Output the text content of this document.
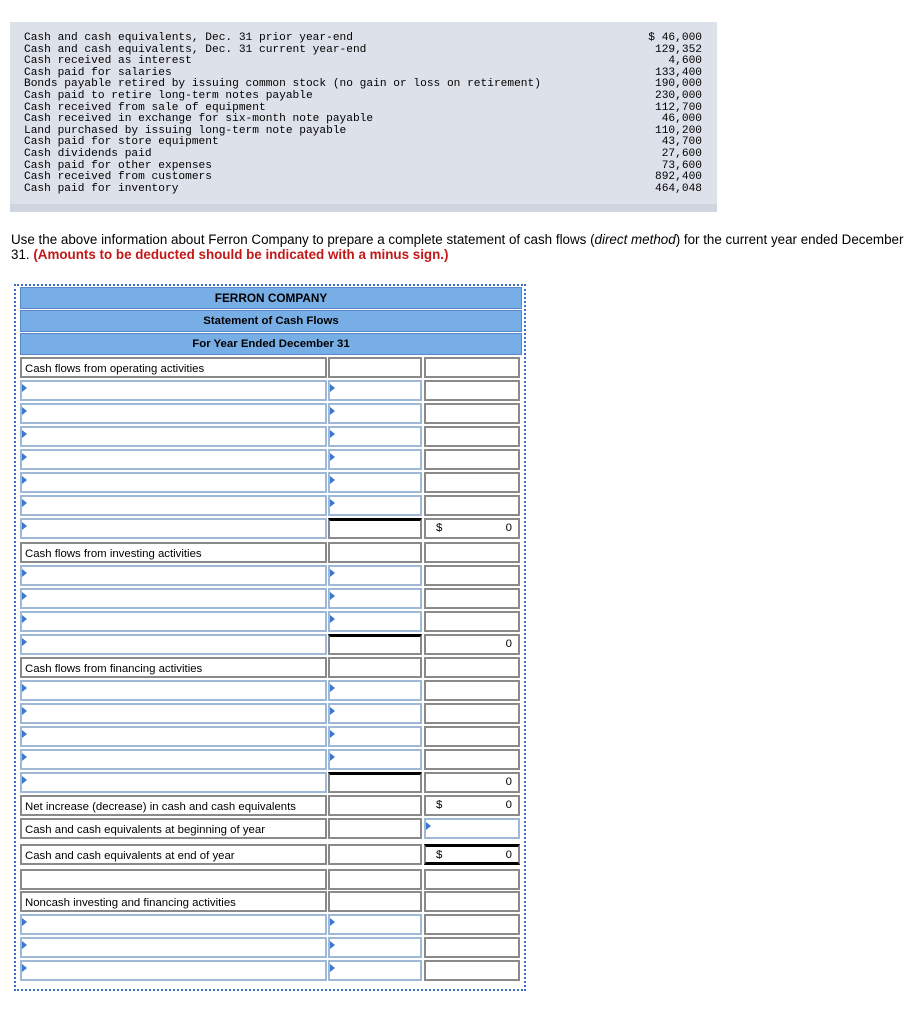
Cash and cash equivalents, Dec. 31 prior year-end	$ 46,000
Cash and cash equivalents, Dec. 31 current year-end	129,352
Cash received as interest	4,600
Cash paid for salaries	133,400
Bonds payable retired by issuing common stock (no gain or loss on retirement)	190,000
Cash paid to retire long-term notes payable	230,000
Cash received from sale of equipment	112,700
Cash received in exchange for six-month note payable	46,000
Land purchased by issuing long-term note payable	110,200
Cash paid for store equipment	43,700
Cash dividends paid	27,600
Cash paid for other expenses	73,600
Cash received from customers	892,400
Cash paid for inventory	464,048
Use the above information about Ferron Company to prepare a complete statement of cash flows (direct method) for the current year ended December 31. (Amounts to be deducted should be indicated with a minus sign.)
FERRON COMPANY
Statement of Cash Flows
For Year Ended December 31
Cash flows from operating activities
$	0
Cash flows from investing activities
0
Cash flows from financing activities
0
Net increase (decrease) in cash and cash equivalents	$	0
Cash and cash equivalents at beginning of year
Cash and cash equivalents at end of year	$	0
Noncash investing and financing activities
